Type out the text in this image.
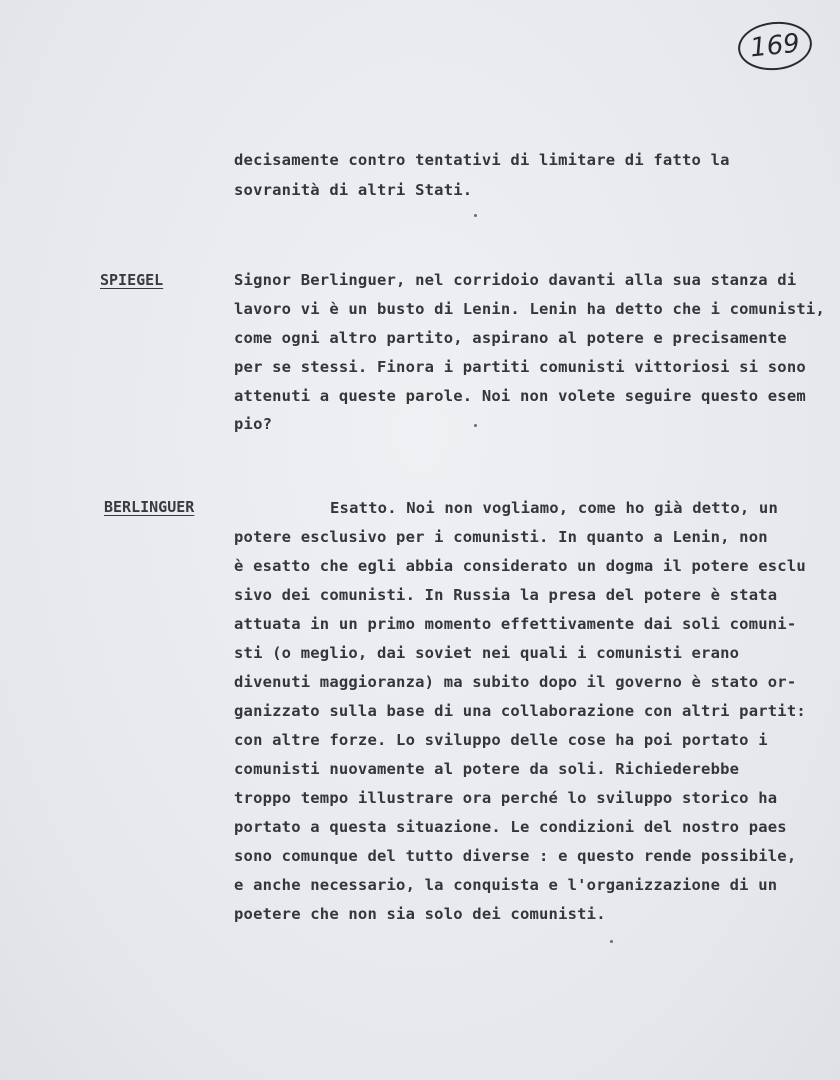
169
decisamente contro tentativi di limitare di fatto la
sovranità di altri Stati.
SPIEGEL	Signor Berlinguer, nel corridoio davanti alla sua stanza di
lavoro vi è un busto di Lenin. Lenin ha detto che i comunisti,
come ogni altro partito, aspirano al potere e precisamente
per se stessi. Finora i partiti comunisti vittoriosi si sono
attenuti a queste parole. Noi non volete seguire questo esem
pio?
BERLINGUER	Esatto. Noi non vogliamo, come ho già detto, un
potere esclusivo per i comunisti. In quanto a Lenin, non
è esatto che egli abbia considerato un dogma il potere esclu
sivo dei comunisti. In Russia la presa del potere è stata
attuata in un primo momento effettivamente dai soli comuni-
sti (o meglio, dai soviet nei quali i comunisti erano
divenuti maggioranza) ma subito dopo il governo è stato or-
ganizzato sulla base di una collaborazione con altri partit:
con altre forze. Lo sviluppo delle cose ha poi portato i
comunisti nuovamente al potere da soli. Richiederebbe
troppo tempo illustrare ora perché lo sviluppo storico ha
portato a questa situazione. Le condizioni del nostro paes
sono comunque del tutto diverse : e questo rende possibile,
e anche necessario, la conquista e l'organizzazione di un
poetere che non sia solo dei comunisti.
